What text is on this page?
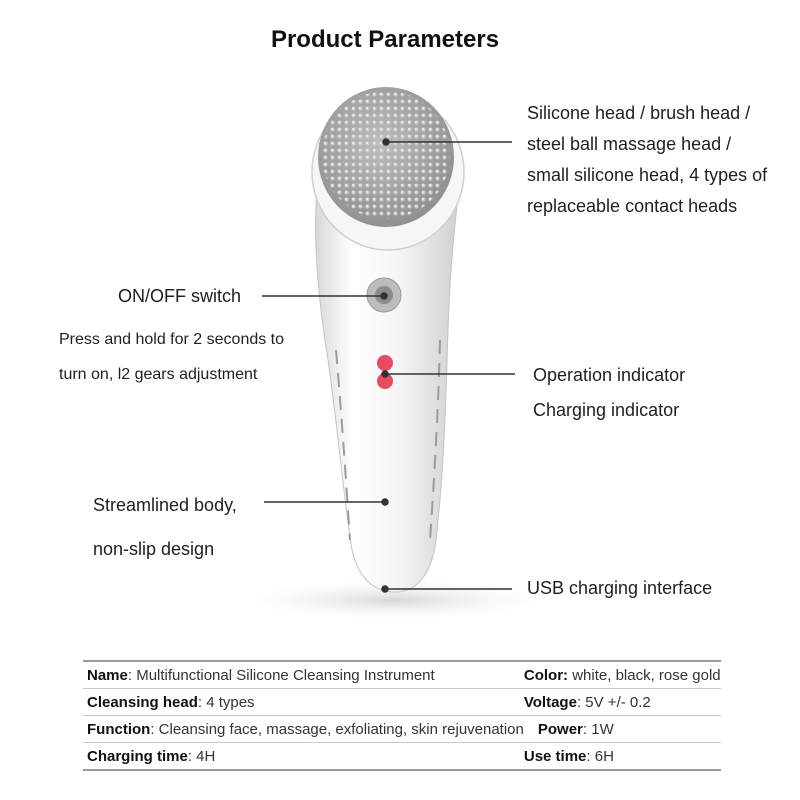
Product Parameters
Silicone head / brush head /
steel ball massage head /
small silicone head, 4 types of
replaceable contact heads
ON/OFF switch
Press and hold for 2 seconds to
turn on, l2 gears adjustment	Operation indicator
Charging indicator
Streamlined body,
non-slip design
USB charging interface
Name: Multifunctional Silicone Cleansing Instrument	Color: white, black, rose gold
Cleansing head: 4 types	Voltage: 5V +/- 0.2
Function: Cleansing face, massage, exfoliating, skin rejuvenation	Power: 1W
Charging time: 4H	Use time: 6H
